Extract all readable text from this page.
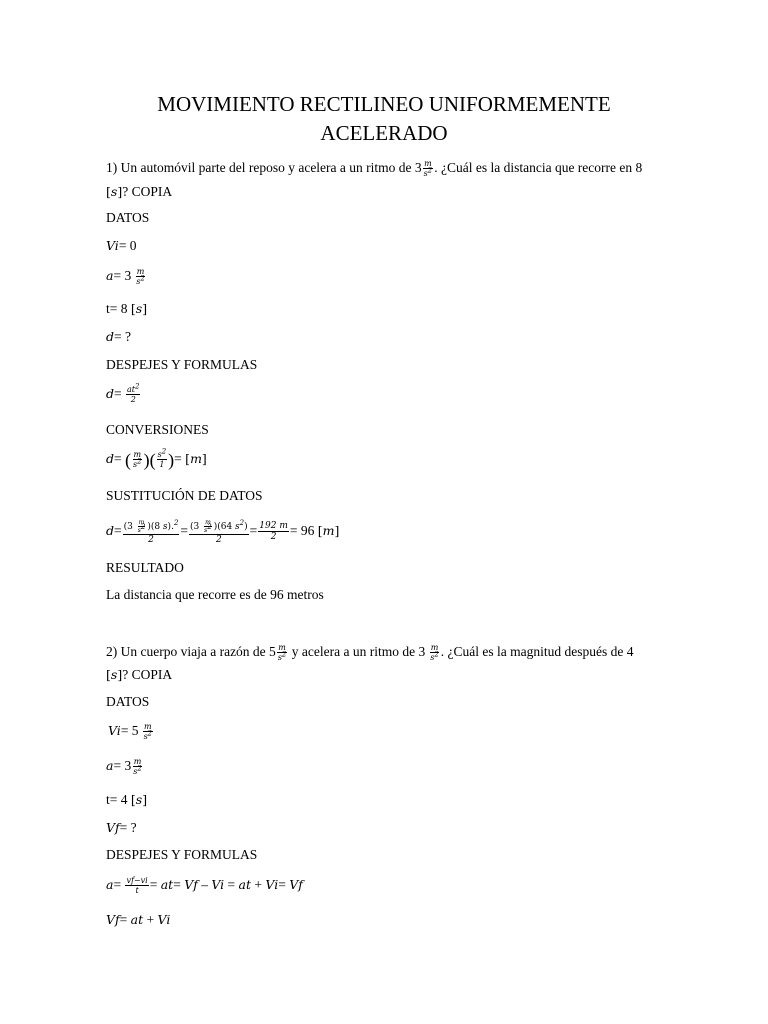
MOVIMIENTO RECTILINEO UNIFORMEMENTE ACELERADO
1) Un automóvil parte del reposo y acelera a un ritmo de $3 \frac{m}{s^2}$ . ¿Cuál es la distancia que recorre en 8
[s]? COPIA
DATOS
Vi= 0
$a= 3 \frac{m}{s^2}$
t= 8 [s]
d= ?
DESPEJES Y FORMULAS
$d= \frac{at^2}{2}$
CONVERSIONES
d= ( $\frac{m}{s^2}$ )( $\frac{s^2}{1}$ )= [m]
SUSTITUCIÓN DE DATOS
$d= \frac{(3 \frac{m}{s^2} )(8 s).^2}{2} = \frac{(3 \frac{m}{s^2} )(64 s^2)}{2} = \frac{192 m}{2} = 96$ [m]
RESULTADO
La distancia que recorre es de 96 metros
2) Un cuerpo viaja a razón de $5 \frac{m}{s^2}$ y acelera a un ritmo de $3 \frac{m}{s^2}$ . ¿Cuál es la magnitud después de 4
[s]? COPIA
DATOS
$Vi= 5 \frac{m}{s^2}$
$a= 3 \frac{m}{s^2}$
t= 4 [s]
Vf= ?
DESPEJES Y FORMULAS
$a= \frac{vf-vi}{t} = at= Vf - Vi$ = at + Vi= Vf
Vf= at + Vi
